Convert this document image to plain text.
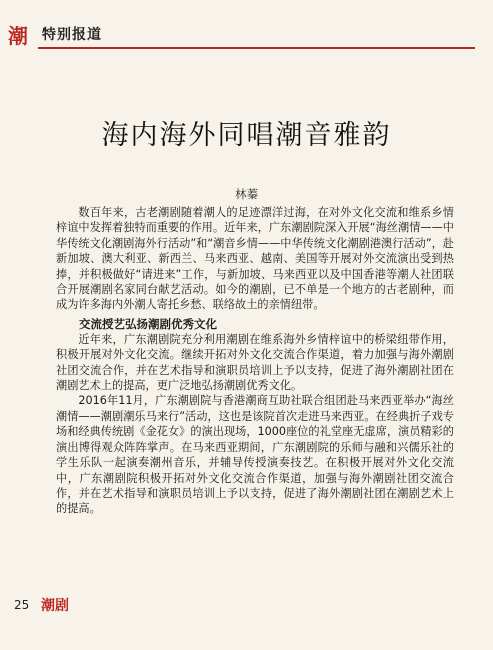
潮 特别报道
海内海外同唱潮音雅韵
林蓁

数百年来，古老潮剧随着潮人的足迹漂洋过海，在对外文化交流和维系乡情梓谊中发挥着独特而重要的作用。近年来，广东潮剧院深入开展“海丝潮情——中华传统文化潮剧海外行活动”和“潮音乡情——中华传统文化潮剧港澳行活动”，赴新加坡、澳大利亚、新西兰、马来西亚、越南、美国等开展对外交流演出受到热捧，并积极做好“请进来”工作，与新加坡、马来西亚以及中国香港等潮人社团联合开展潮剧名家同台献艺活动。如今的潮剧，已不单是一个地方的古老剧种，而成为许多海内外潮人寄托乡愁、联络故土的亲情纽带。

交流授艺弘扬潮剧优秀文化

近年来，广东潮剧院充分利用潮剧在维系海外乡情梓谊中的桥梁纽带作用，积极开展对外文化交流。继续开拓对外文化交流合作渠道，着力加强与海外潮剧社团交流合作，并在艺术指导和演职员培训上予以支持，促进了海外潮剧社团在潮剧艺术上的提高，更广泛地弘扬潮剧优秀文化。

2016年11月，广东潮剧院与香港潮商互助社联合组团赴马来西亚举办“海丝潮情——潮剧潮乐马来行”活动，这也是该院首次走进马来西亚。在经典折子戏专场和经典传统剧《金花女》的演出现场，1000座位的礼堂座无虚席，演员精彩的演出博得观众阵阵掌声。在马来西亚期间，广东潮剧院的乐师与融和兴儒乐社的学生乐队一起演奏潮州音乐，并辅导传授演奏技艺。在积极开展对外文化交流中，广东潮剧院积极开拓对外文化交流合作渠道，加强与海外潮剧社团交流合作，并在艺术指导和演职员培训上予以支持，促进了海外潮剧社团在潮剧艺术上的提高。

25 潮剧
